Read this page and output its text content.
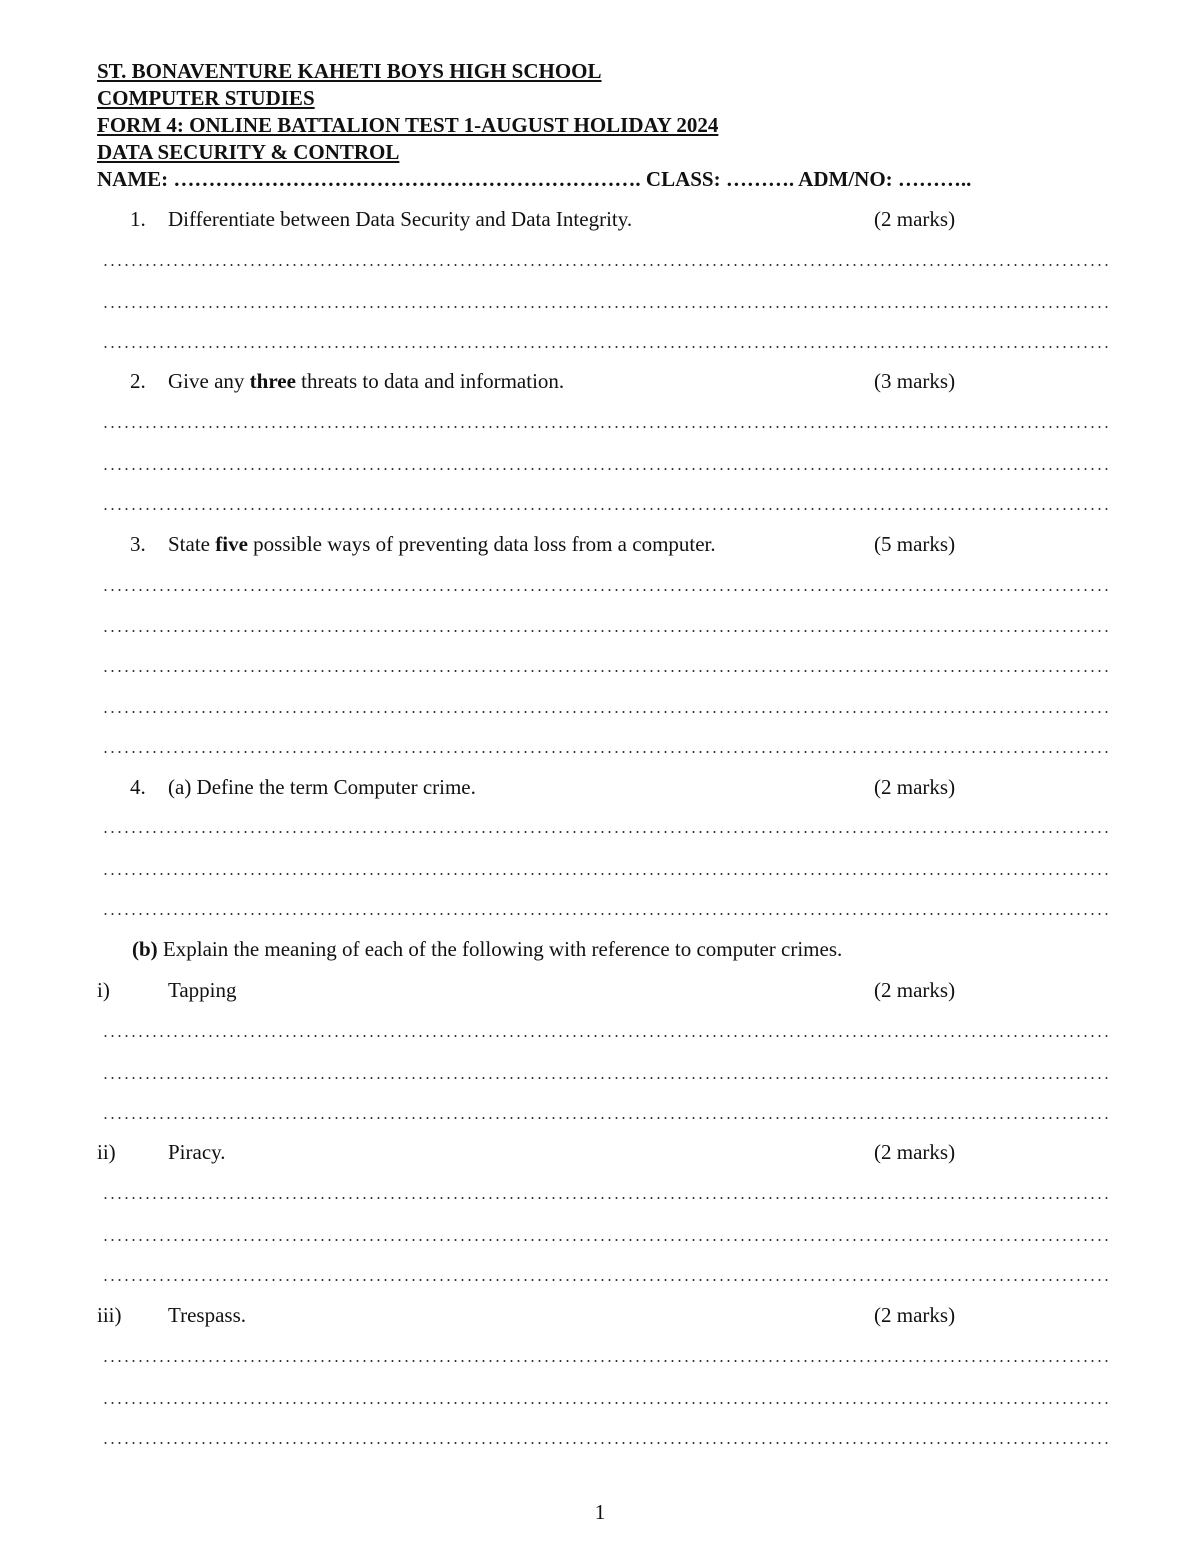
ST. BONAVENTURE KAHETI BOYS HIGH SCHOOL
COMPUTER STUDIES
FORM 4: ONLINE BATTALION TEST 1-AUGUST HOLIDAY 2024
DATA SECURITY & CONTROL
NAME: …………………………………………………………. CLASS: ………. ADM/NO: ………..
1. Differentiate between Data Security and Data Integrity.	(2 marks)
2. Give any three threats to data and information.	(3 marks)
3. State five possible ways of preventing data loss from a computer.	(5 marks)
4. (a) Define the term Computer crime.	(2 marks)
(b) Explain the meaning of each of the following with reference to computer crimes.
i)	Tapping	(2 marks)
ii) Piracy.	(2 marks)
iii) Trespass.	(2 marks)
1
